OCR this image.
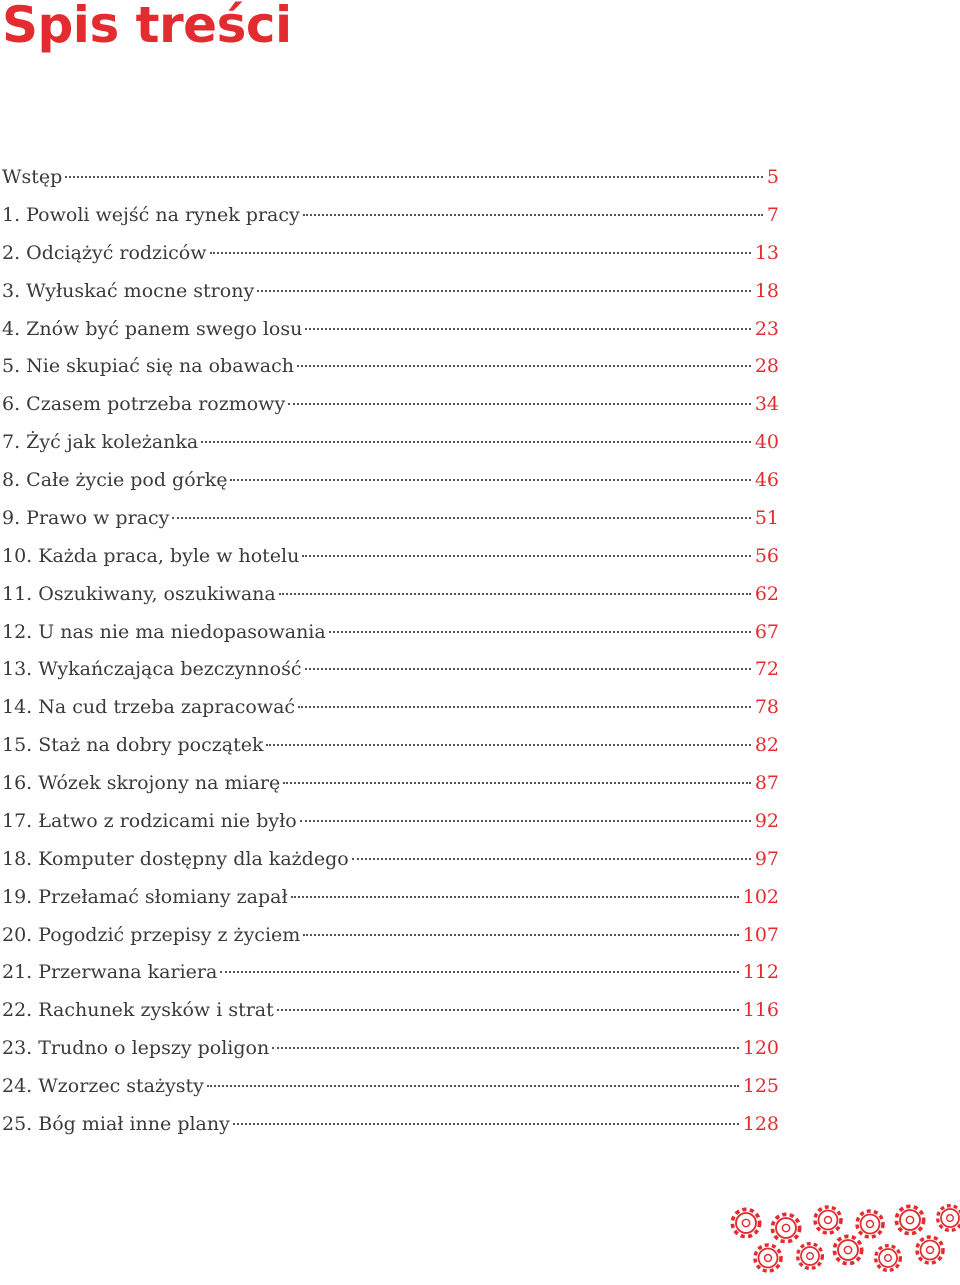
Spis treści
Wstęp	5
1. Powoli wejść na rynek pracy	7
2. Odciążyć rodziców	13
3. Wyłuskać mocne strony	18
4. Znów być panem swego losu	23
5. Nie skupiać się na obawach	28
6. Czasem potrzeba rozmowy	34
7. Żyć jak koleżanka	40
8. Całe życie pod górkę	46
9. Prawo w pracy	51
10. Każda praca, byle w hotelu	56
11. Oszukiwany, oszukiwana	62
12. U nas nie ma niedopasowania	67
13. Wykańczająca bezczynność	72
14. Na cud trzeba zapracować	78
15. Staż na dobry początek	82
16. Wózek skrojony na miarę	87
17. Łatwo z rodzicami nie było	92
18. Komputer dostępny dla każdego	97
19. Przełamać słomiany zapał	102
20. Pogodzić przepisy z życiem	107
21. Przerwana kariera	112
22. Rachunek zysków i strat	116
23. Trudno o lepszy poligon	120
24. Wzorzec stażysty	125
25. Bóg miał inne plany	128
